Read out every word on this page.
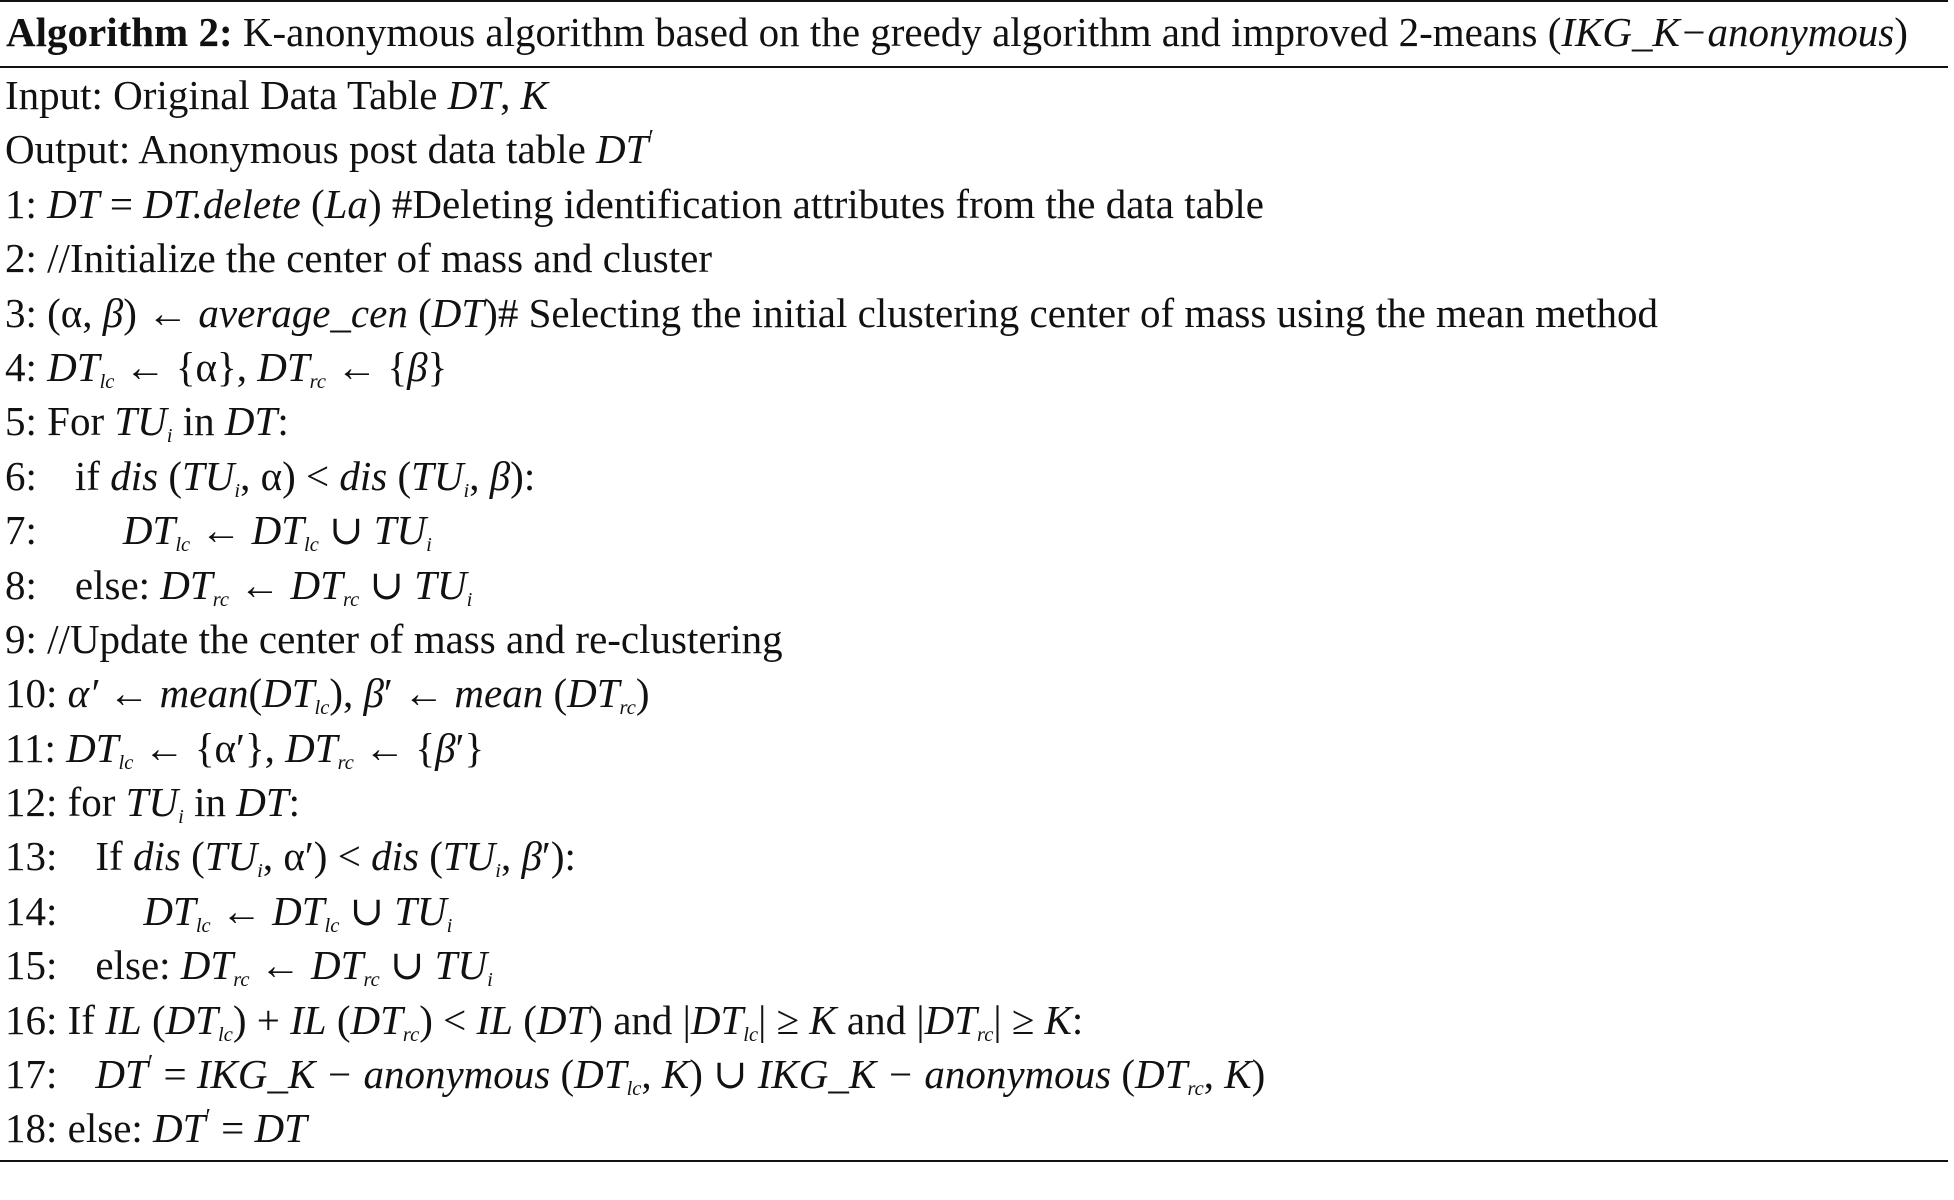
Algorithm 2: K-anonymous algorithm based on the greedy algorithm and improved 2-means (IKG_K−anonymous)
Input: Original Data Table DT, K
Output: Anonymous post data table DT′
1: DT = DT.delete (La) #Deleting identification attributes from the data table
2: //Initialize the center of mass and cluster
3: (α, β) ← average_cen (DT)# Selecting the initial clustering center of mass using the mean method
4: $DT_{lc}$ ← {α}, $DT_{rc}$ ← {β}
5: For $TU_i$ in DT:
6: if dis ($TU_i$, α) < dis ($TU_i$, β):
7: $DT_{lc}$ ← $DT_{lc}$ ∪ $TU_i$
8: else: $DT_{rc}$ ← $DT_{rc}$ ∪ $TU_i$
9: //Update the center of mass and re-clustering
10: α′ ← $mean(DT_{lc})$, β′ ← mean $(DT_{rc})$
11: $DT_{lc}$ ← {α′}, $DT_{rc}$ ← {β′}
12: for $TU_i$ in DT:
13: If dis ($TU_i$, α′) < dis ($TU_i$, β′):
14: $DT_{lc}$ ← $DT_{lc}$ ∪ $TU_i$
15: else: $DT_{rc}$ ← $DT_{rc}$ ∪ $TU_i$
16: If IL $(DT_{lc})$ + IL $(DT_{rc})$ < IL (DT) and $|DT_{lc}| \ge K$ and $|DT_{rc}| \ge K$:
17: DT′ = IKG_K − anonymous ($DT_{lc}$, K) ∪ IKG_K − anonymous ($DT_{rc}$, K)
18: else: DT′ = DT
